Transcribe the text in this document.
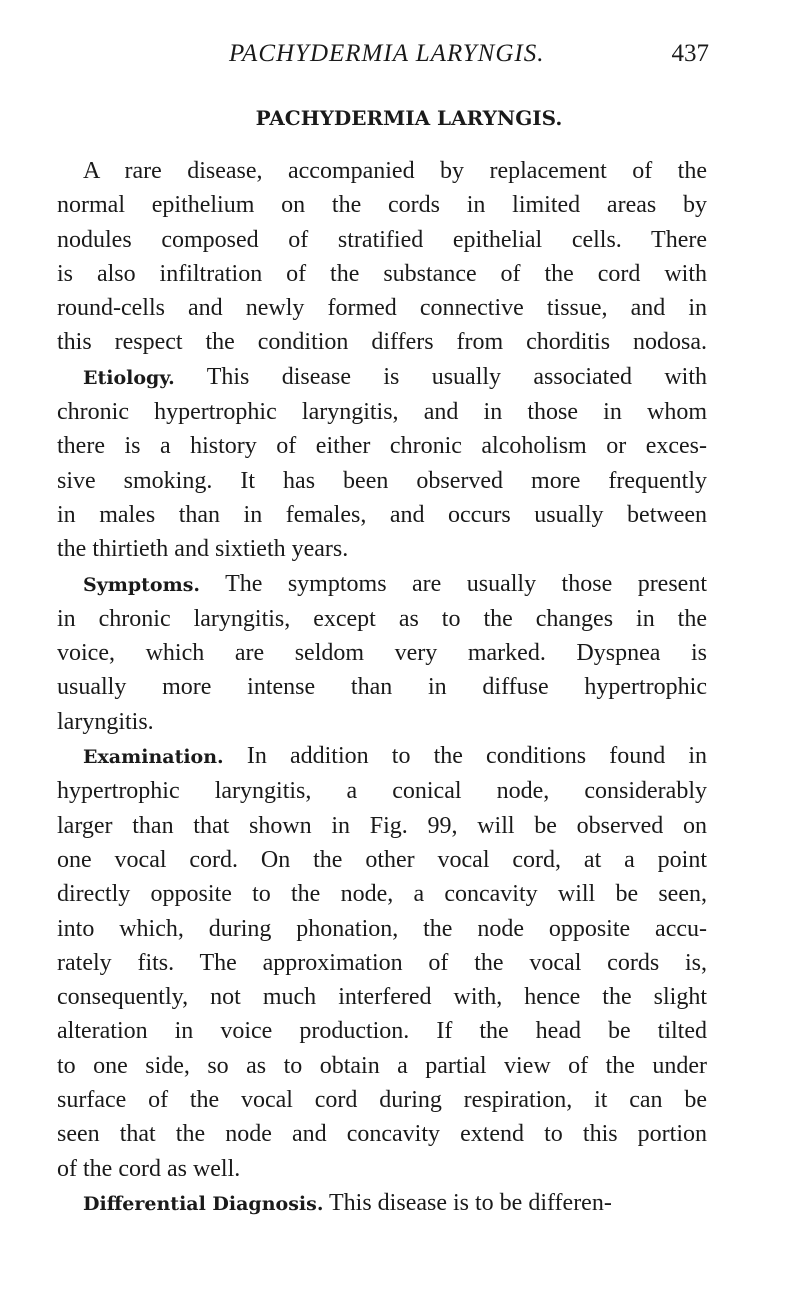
PACHYDERMIA LARYNGIS.	437
PACHYDERMIA LARYNGIS.
A rare disease, accompanied by replacement of the
normal epithelium on the cords in limited areas by
nodules composed of stratified epithelial cells. There
is also infiltration of the substance of the cord with
round-cells and newly formed connective tissue, and in
this respect the condition differs from chorditis nodosa.
Etiology. This disease is usually associated with
chronic hypertrophic laryngitis, and in those in whom
there is a history of either chronic alcoholism or exces-
sive smoking. It has been observed more frequently
in males than in females, and occurs usually between
the thirtieth and sixtieth years.
Symptoms. The symptoms are usually those present
in chronic laryngitis, except as to the changes in the
voice, which are seldom very marked. Dyspnea is
usually more intense than in diffuse hypertrophic
laryngitis.
Examination. In addition to the conditions found in
hypertrophic laryngitis, a conical node, considerably
larger than that shown in Fig. 99, will be observed on
one vocal cord. On the other vocal cord, at a point
directly opposite to the node, a concavity will be seen,
into which, during phonation, the node opposite accu-
rately fits. The approximation of the vocal cords is,
consequently, not much interfered with, hence the slight
alteration in voice production. If the head be tilted
to one side, so as to obtain a partial view of the under
surface of the vocal cord during respiration, it can be
seen that the node and concavity extend to this portion
of the cord as well.
Differential Diagnosis. This disease is to be differen-
